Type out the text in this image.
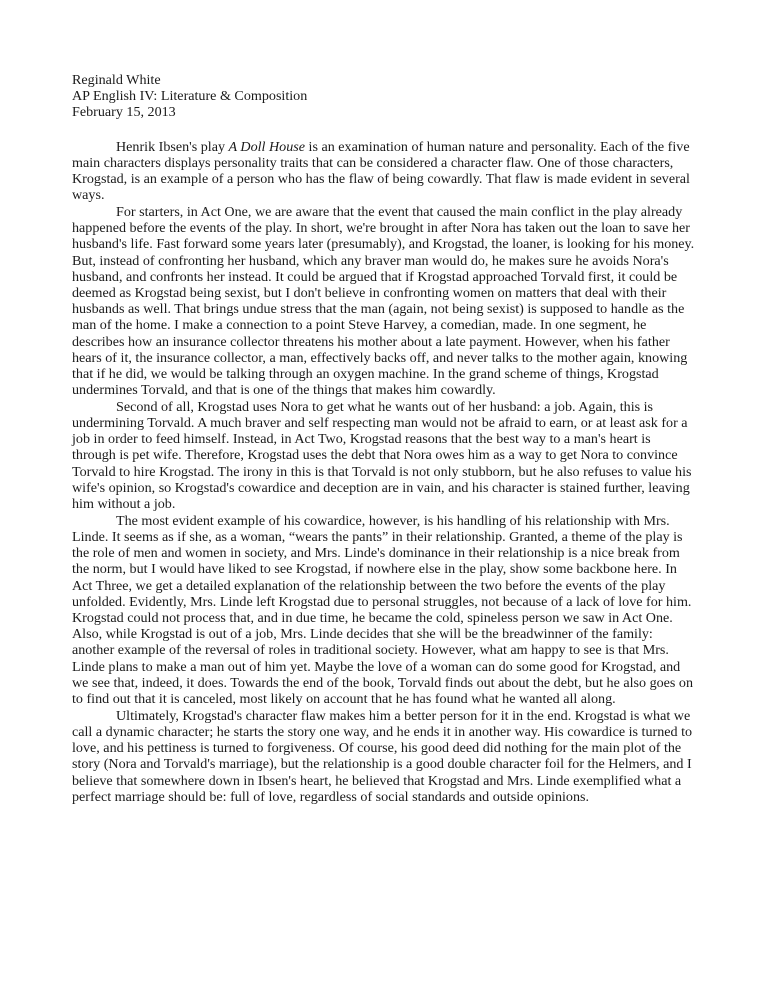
Reginald White

AP English IV: Literature & Composition

February 15, 2013

Henrik Ibsen's play A Doll House is an examination of human nature and personality. Each of the five main characters displays personality traits that can be considered a character flaw. One of those characters, Krogstad, is an example of a person who has the flaw of being cowardly. That flaw is made evident in several ways.

For starters, in Act One, we are aware that the event that caused the main conflict in the play already happened before the events of the play. In short, we're brought in after Nora has taken out the loan to save her husband's life. Fast forward some years later (presumably), and Krogstad, the loaner, is looking for his money. But, instead of confronting her husband, which any braver man would do, he makes sure he avoids Nora's husband, and confronts her instead. It could be argued that if Krogstad approached Torvald first, it could be deemed as Krogstad being sexist, but I don't believe in confronting women on matters that deal with their husbands as well. That brings undue stress that the man (again, not being sexist) is supposed to handle as the man of the home. I make a connection to a point Steve Harvey, a comedian, made. In one segment, he describes how an insurance collector threatens his mother about a late payment. However, when his father hears of it, the insurance collector, a man, effectively backs off, and never talks to the mother again, knowing that if he did, we would be talking through an oxygen machine. In the grand scheme of things, Krogstad undermines Torvald, and that is one of the things that makes him cowardly.

Second of all, Krogstad uses Nora to get what he wants out of her husband: a job. Again, this is undermining Torvald. A much braver and self respecting man would not be afraid to earn, or at least ask for a job in order to feed himself. Instead, in Act Two, Krogstad reasons that the best way to a man's heart is through is pet wife. Therefore, Krogstad uses the debt that Nora owes him as a way to get Nora to convince Torvald to hire Krogstad. The irony in this is that Torvald is not only stubborn, but he also refuses to value his wife's opinion, so Krogstad's cowardice and deception are in vain, and his character is stained further, leaving him without a job.

The most evident example of his cowardice, however, is his handling of his relationship with Mrs. Linde. It seems as if she, as a woman, “wears the pants” in their relationship. Granted, a theme of the play is the role of men and women in society, and Mrs. Linde's dominance in their relationship is a nice break from the norm, but I would have liked to see Krogstad, if nowhere else in the play, show some backbone here. In Act Three, we get a detailed explanation of the relationship between the two before the events of the play unfolded. Evidently, Mrs. Linde left Krogstad due to personal struggles, not because of a lack of love for him. Krogstad could not process that, and in due time, he became the cold, spineless person we saw in Act One. Also, while Krogstad is out of a job, Mrs. Linde decides that she will be the breadwinner of the family: another example of the reversal of roles in traditional society. However, what am happy to see is that Mrs. Linde plans to make a man out of him yet. Maybe the love of a woman can do some good for Krogstad, and we see that, indeed, it does. Towards the end of the book, Torvald finds out about the debt, but he also goes on to find out that it is canceled, most likely on account that he has found what he wanted all along.

Ultimately, Krogstad's character flaw makes him a better person for it in the end. Krogstad is what we call a dynamic character; he starts the story one way, and he ends it in another way. His cowardice is turned to love, and his pettiness is turned to forgiveness. Of course, his good deed did nothing for the main plot of the story (Nora and Torvald's marriage), but the relationship is a good double character foil for the Helmers, and I believe that somewhere down in Ibsen's heart, he believed that Krogstad and Mrs. Linde exemplified what a perfect marriage should be: full of love, regardless of social standards and outside opinions.
